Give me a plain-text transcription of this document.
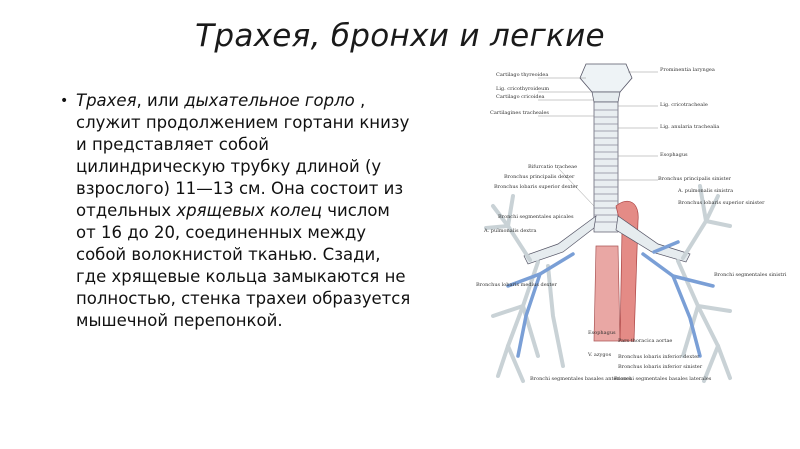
Трахея, бронхи и легкие
• Трахея, или дыхательное горло , служит продолжением гортани книзу и представляет собой цилиндрическую трубку длиной (у взрослого) 11—13 см. Она состоит из отдельных хрящевых колец числом от 16 до 20, соединенных между собой волокнистой тканью. Сзади, где хрящевые кольца замыкаются не полностью, стенка трахеи образуется мышечной перепонкой.

Cartilago thyreoidea
Prominentia laryngea
Lig. cricothyroideum
Cartilago cricoidea
Lig. cricotracheale
Cartilagines tracheales
Lig. anularia trachealia
Esophagus
Bifurcatio tracheae
Bronchus principalis dexter	Bronchus principalis sinister
Bronchus lobaris superior dexter
A. pulmonalis sinistra
Bronchus lobaris superior sinister
Bronchi segmentales apicales
A. pulmonalis dextra
Bronchus lobaris medius dexter
Bronchi segmentales sinistri
Esophagus
Pars thoracica aortae
V. azygos Bronchus lobaris inferior dexter
Bronchus lobaris inferior sinister
Bronchi segmentales basales anteriores
Bronchi segmentales basales laterales
